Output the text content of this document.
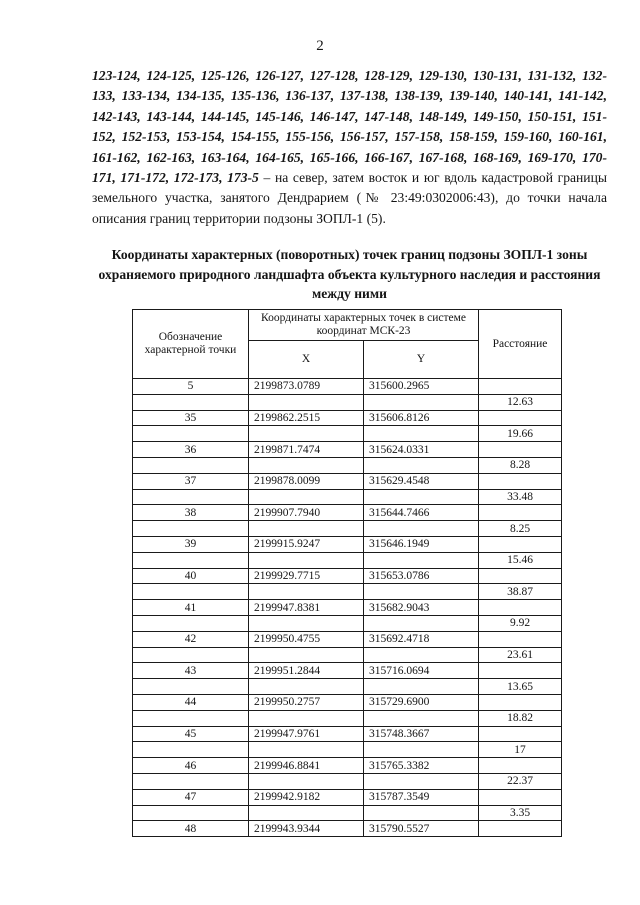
2
123-124, 124-125, 125-126, 126-127, 127-128, 128-129, 129-130, 130-131, 131-132, 132-133, 133-134, 134-135, 135-136, 136-137, 137-138, 138-139, 139-140, 140-141, 141-142, 142-143, 143-144, 144-145, 145-146, 146-147, 147-148, 148-149, 149-150, 150-151, 151-152, 152-153, 153-154, 154-155, 155-156, 156-157, 157-158, 158-159, 159-160, 160-161, 161-162, 162-163, 163-164, 164-165, 165-166, 166-167, 167-168, 168-169, 169-170, 170-171, 171-172, 172-173, 173-5 – на север, затем восток и юг вдоль кадастровой границы земельного участка, занятого Дендрарием (№ 23:49:0302006:43), до точки начала описания границ территории подзоны ЗОПЛ-1 (5).
Координаты характерных (поворотных) точек границ подзоны ЗОПЛ-1 зоны охраняемого природного ландшафта объекта культурного наследия и расстояния между ними
Обозначение характерной точки	Координаты характерных точек в системе координат МСК-23		Расстояние
	X	Y	
5	2199873.0789	315600.2965	
			12.63
35	2199862.2515	315606.8126	
			19.66
36	2199871.7474	315624.0331	
			8.28
37	2199878.0099	315629.4548	
			33.48
38	2199907.7940	315644.7466	
			8.25
39	2199915.9247	315646.1949	
			15.46
40	2199929.7715	315653.0786	
			38.87
41	2199947.8381	315682.9043	
			9.92
42	2199950.4755	315692.4718	
			23.61
43	2199951.2844	315716.0694	
			13.65
44	2199950.2757	315729.6900	
			18.82
45	2199947.9761	315748.3667	
			17
46	2199946.8841	315765.3382	
			22.37
47	2199942.9182	315787.3549	
			3.35
48	2199943.9344	315790.5527	
